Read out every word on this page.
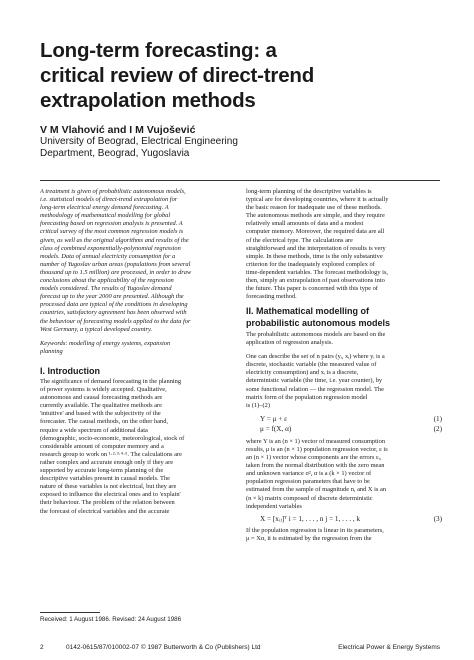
Long-term forecasting: a
critical review of direct-trend
extrapolation methods
V M Vlahović and I M Vujošević
University of Beograd, Electrical Engineering
Department, Beograd, Yugoslavia
A treatment is given of probabilistic autonomous models,
i.e. statistical models of direct-trend extrapolation for
long-term electrical energy demand forecasting. A
methodology of mathematical modelling for global
forecasting based on regression analysis is presented. A
critical survey of the most common regression models is
given, as well as the original algorithms and results of the
class of combined exponentially-polynomial regression
models. Data of annual electricity consumption for a
number of Yugoslav urban areas (populations from several
thousand up to 1.5 million) are processed, in order to draw
conclusions about the applicability of the regression
models considered. The results of Yugoslav demand
forecast up to the year 2000 are presented. Although the
processed data are typical of the conditions in developing
countries, satisfactory agreement has been observed with
the behaviour of forecasting models applied to the data for
West Germany, a typical developed country.
Keywords: modelling of energy systems, expansion
planning
I. Introduction
The significance of demand forecasting in the planning
of power systems is widely accepted. Qualitative,
autonomous and causal forecasting methods are
currently available. The qualitative methods are
'intuitive' and based with the subjectivity of the
forecaster. The causal methods, on the other hand,
require a wide spectrum of additional data
(demographic, socio-economic, meteorological, stock of
considerable amount of computer memory and a
research group to work on ¹·²·³·⁴·⁵. The calculations are
rather complex and accurate enough only if they are
supported by accurate long-term planning of the
descriptive variables present in causal models. The
nature of these variables is not electrical, but they are
exposed to influence the electrical ones and to 'explain'
their behaviour. The problem of the relation between
the forecast of electrical variables and the accurate
long-term planning of the descriptive variables is
typical are for developing countries, where it is actually
the basic reason for inadequate use of these methods.
The autonomous methods are simple, and they require
relatively small amounts of data and a modest
computer memory. Moreover, the required data are all
of the electrical type. The calculations are
straightforward and the interpretation of results is very
simple. In these methods, time is the only substantive
criterion for the inadequately explored complex of
time-dependent variables. The forecast methodology is,
then, simply an extrapolation of past observations into
the future. This paper is concerned with this type of
forecasting method.
II. Mathematical modelling of
probabilistic autonomous models
The probabilistic autonomous models are based on the
application of regression analysis.
One can describe the set of n pairs (yᵢ, xᵢ) where yᵢ is a
discrete, stochastic variable (the measured value of
electricity consumption) and xᵢ is a discrete,
deterministic variable (the time, i.e. year counter), by
some functional relation — the regression model. The
matrix form of the population regression model
is (1)–(2)
Y = μ + ε	(1)
μ = f(X, α)	(2)
where Y is an (n × 1) vector of measured consumption
results, μ is an (n × 1) population regression vector, ε is
an (n × 1) vector whose components are the errors εᵢ,
taken from the normal distribution with the zero mean
and unknown variance σ², α is a (k × 1) vector of
population regression parameters that have to be
estimated from the sample of magnitude n, and X is an
(n × k) matrix composed of discrete deterministic
independent variables
X = [xᵢⱼ]ᵀ i = 1, . . . , n j = 1, . . . , k	(3)
If the population regression is linear in its parameters,
μ = Xα, it is estimated by the regression from the
Received: 1 August 1986. Revised: 24 August 1986
2	0142-0615/87/010002-07 © 1987 Butterworth & Co (Publishers) Ltd	Electrical Power & Energy Systems
